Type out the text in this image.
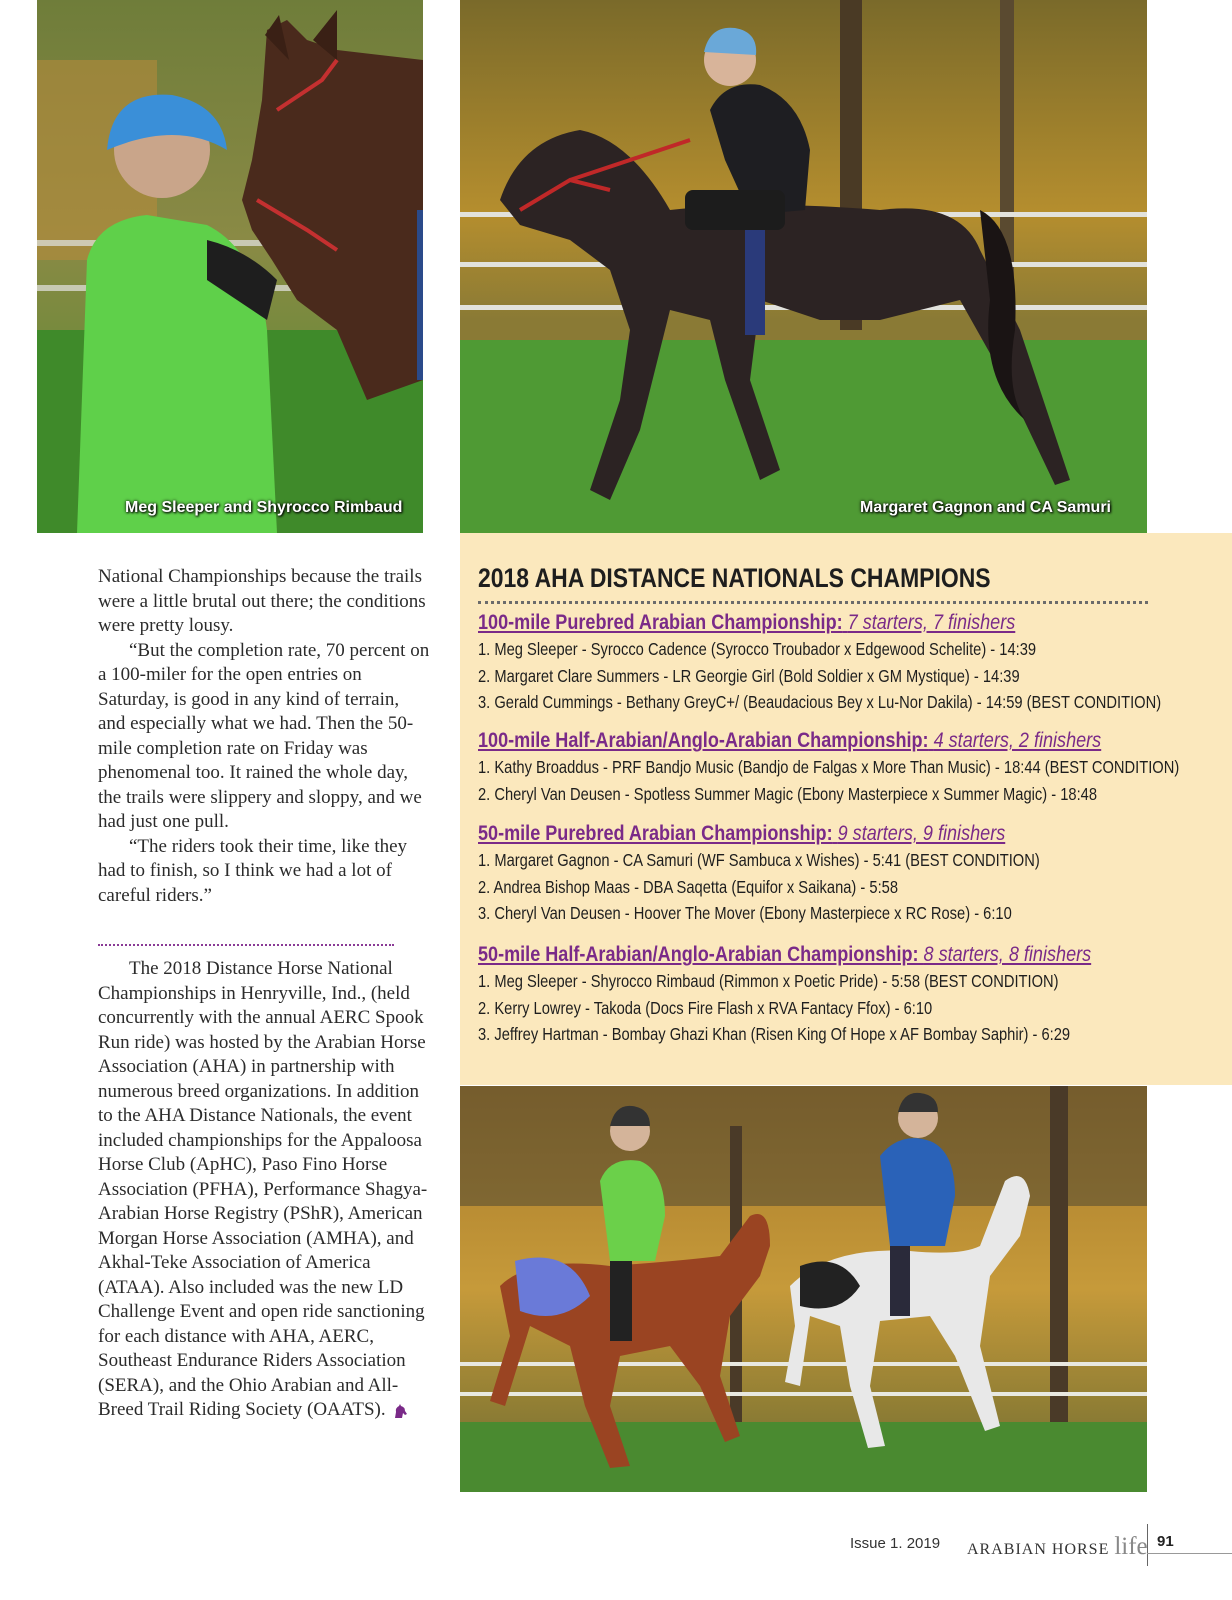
Meg Sleeper and Shyrocco Rimbaud	Margaret Gagnon and CA Samuri

National Championships because the trails were a little brutal out there; the conditions were pretty lousy.

“But the completion rate, 70 percent on a 100-miler for the open entries on Saturday, is good in any kind of terrain, and especially what we had. Then the 50-mile completion rate on Friday was phenomenal too. It rained the whole day, the trails were slippery and sloppy, and we had just one pull.

“The riders took their time, like they had to finish, so I think we had a lot of careful riders.”

The 2018 Distance Horse National Championships in Henryville, Ind., (held concurrently with the annual AERC Spook Run ride) was hosted by the Arabian Horse Association (AHA) in partnership with numerous breed organizations. In addition to the AHA Distance Nationals, the event included championships for the Appaloosa Horse Club (ApHC), Paso Fino Horse Association (PFHA), Performance Shagya-Arabian Horse Registry (PShR), American Morgan Horse Association (AMHA), and Akhal-Teke Association of America (ATAA). Also included was the new LD Challenge Event and open ride sanctioning for each distance with AHA, AERC, Southeast Endurance Riders Association (SERA), and the Ohio Arabian and All-Breed Trail Riding Society (OAATS).

2018 AHA DISTANCE NATIONALS CHAMPIONS
100-mile Purebred Arabian Championship: 7 starters, 7 finishers
1. Meg Sleeper - Syrocco Cadence (Syrocco Troubador x Edgewood Schelite) - 14:39
2. Margaret Clare Summers - LR Georgie Girl (Bold Soldier x GM Mystique) - 14:39
3. Gerald Cummings - Bethany GreyC+/ (Beaudacious Bey x Lu-Nor Dakila) - 14:59 (BEST CONDITION)
100-mile Half-Arabian/Anglo-Arabian Championship: 4 starters, 2 finishers
1. Kathy Broaddus - PRF Bandjo Music (Bandjo de Falgas x More Than Music) - 18:44 (BEST CONDITION)
2. Cheryl Van Deusen - Spotless Summer Magic (Ebony Masterpiece x Summer Magic) - 18:48
50-mile Purebred Arabian Championship: 9 starters, 9 finishers
1. Margaret Gagnon - CA Samuri (WF Sambuca x Wishes) - 5:41 (BEST CONDITION)
2. Andrea Bishop Maas - DBA Saqetta (Equifor x Saikana) - 5:58
3. Cheryl Van Deusen - Hoover The Mover (Ebony Masterpiece x RC Rose) - 6:10
50-mile Half-Arabian/Anglo-Arabian Championship: 8 starters, 8 finishers
1. Meg Sleeper - Shyrocco Rimbaud (Rimmon x Poetic Pride) - 5:58 (BEST CONDITION)
2. Kerry Lowrey - Takoda (Docs Fire Flash x RVA Fantacy Ffox) - 6:10
3. Jeffrey Hartman - Bombay Ghazi Khan (Risen King Of Hope x AF Bombay Saphir) - 6:29
Issue 1. 2019 ARABIAN HORSE life 91
